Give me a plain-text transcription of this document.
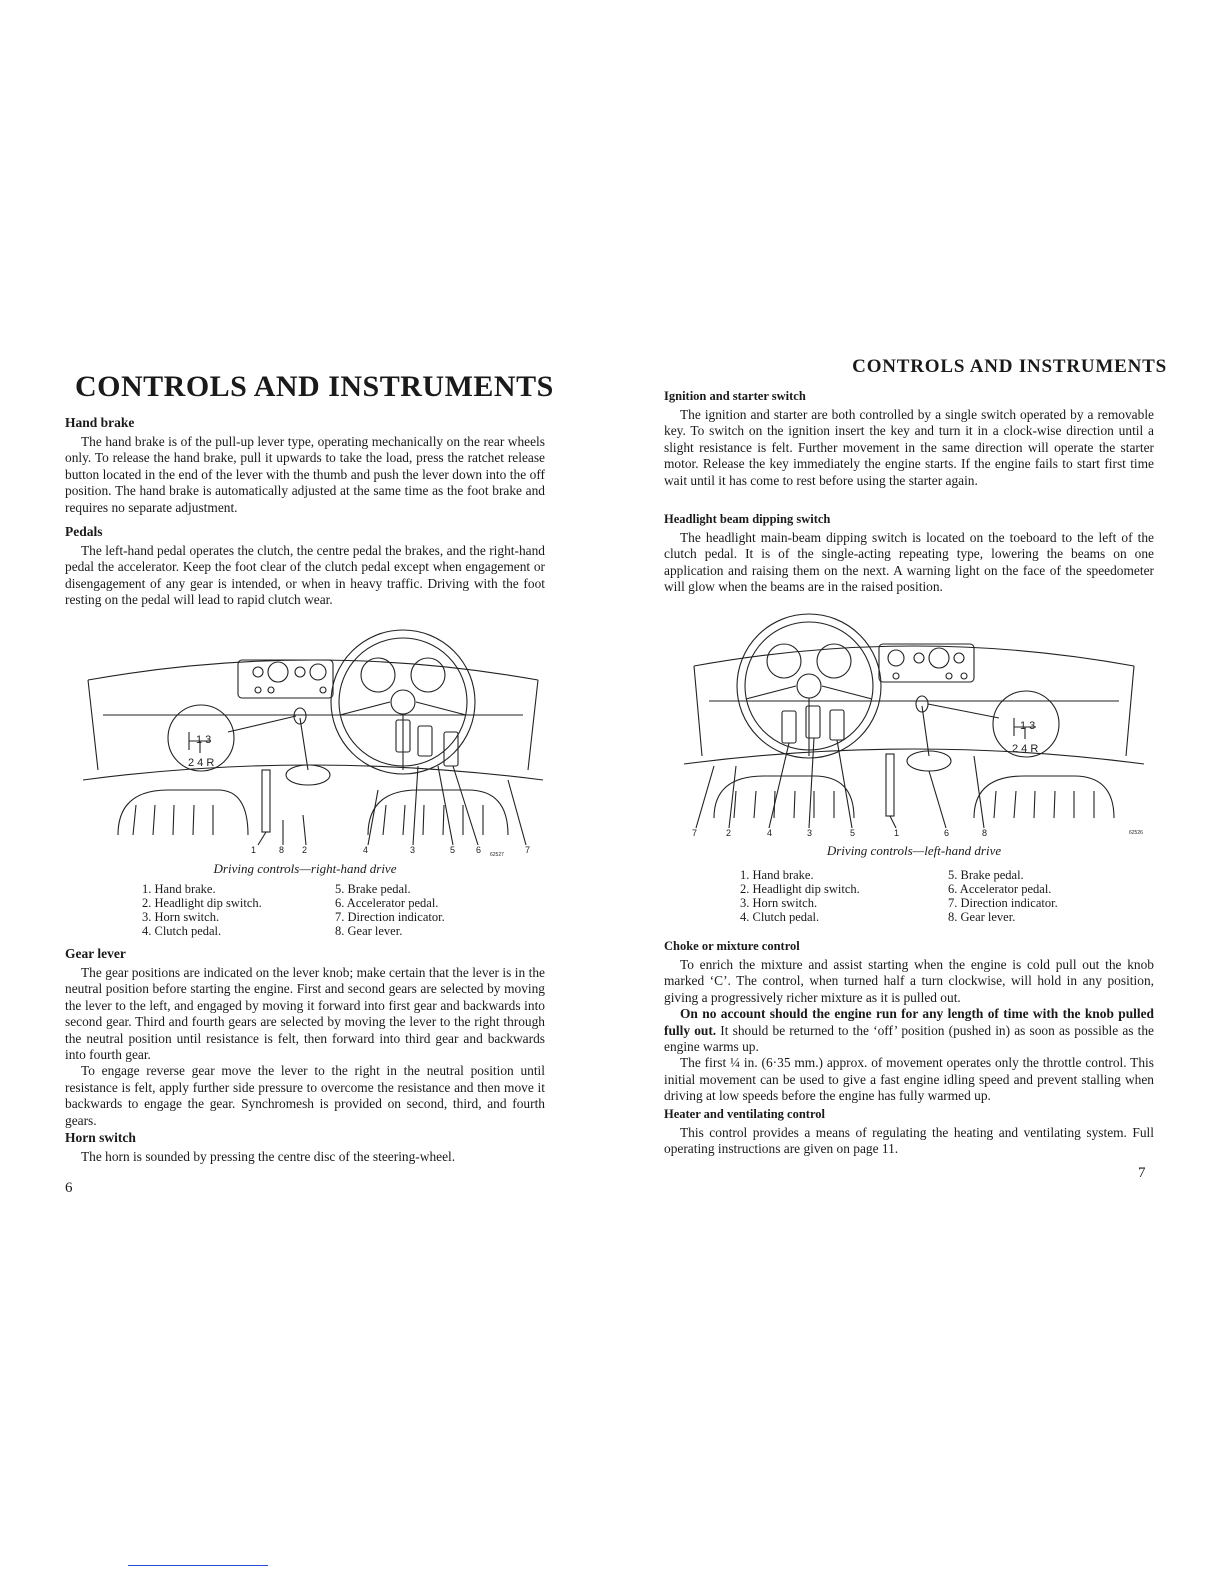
CONTROLS AND INSTRUMENTS
Hand brake

The hand brake is of the pull-up lever type, operating mechanically on the rear wheels only. To release the hand brake, pull it upwards to take the load, press the ratchet release button located in the end of the lever with the thumb and push the lever down into the off position. The hand brake is automatically adjusted at the same time as the foot brake and requires no separate adjustment.

Pedals

The left-hand pedal operates the clutch, the centre pedal the brakes, and the right-hand pedal the accelerator. Keep the foot clear of the clutch pedal except when engagement or disengagement of any gear is intended, or when in heavy traffic. Driving with the foot resting on the pedal will lead to rapid clutch wear.

1 3
2 4 R
1	8 2	4	3	5 6	7
62527
Driving controls—right-hand drive
1. Hand brake.
2. Headlight dip switch.
3. Horn switch.
4. Clutch pedal.
5. Brake pedal.
6. Accelerator pedal.
7. Direction indicator.
8. Gear lever.
Gear lever

The gear positions are indicated on the lever knob; make certain that the lever is in the neutral position before starting the engine. First and second gears are selected by moving the lever to the left, and engaged by moving it forward into first gear and backwards into second gear. Third and fourth gears are selected by moving the lever to the right through the neutral position until resistance is felt, then forward into third gear and backwards into fourth gear.

To engage reverse gear move the lever to the right in the neutral position until resistance is felt, apply further side pressure to overcome the resistance and then move it backwards to engage the gear. Synchromesh is provided on second, third, and fourth gears.

Horn switch

The horn is sounded by pressing the centre disc of the steering-wheel.

6
CONTROLS AND INSTRUMENTS
Ignition and starter switch

The ignition and starter are both controlled by a single switch operated by a removable key. To switch on the ignition insert the key and turn it in a clock-wise direction until a slight resistance is felt. Further movement in the same direction will operate the starter motor. Release the key immediately the engine starts. If the engine fails to start first time wait until it has come to rest before using the starter again.

Headlight beam dipping switch

The headlight main-beam dipping switch is located on the toeboard to the left of the clutch pedal. It is of the single-acting repeating type, lowering the beams on one application and raising them on the next. A warning light on the face of the speedometer will glow when the beams are in the raised position.

1 3
2 4 R
7	2	4	3	5	1	6	8	62526
Driving controls—left-hand drive
1. Hand brake.
2. Headlight dip switch.
3. Horn switch.
4. Clutch pedal.
5. Brake pedal.
6. Accelerator pedal.
7. Direction indicator.
8. Gear lever.
Choke or mixture control

To enrich the mixture and assist starting when the engine is cold pull out the knob marked ‘C’. The control, when turned half a turn clockwise, will hold in any position, giving a progressively richer mixture as it is pulled out.

On no account should the engine run for any length of time with the knob pulled fully out. It should be returned to the ‘off’ position (pushed in) as soon as possible as the engine warms up.

The first ¼ in. (6·35 mm.) approx. of movement operates only the throttle control. This initial movement can be used to give a fast engine idling speed and prevent stalling when driving at low speeds before the engine has fully warmed up.

Heater and ventilating control

This control provides a means of regulating the heating and ventilating system. Full operating instructions are given on page 11.

7
